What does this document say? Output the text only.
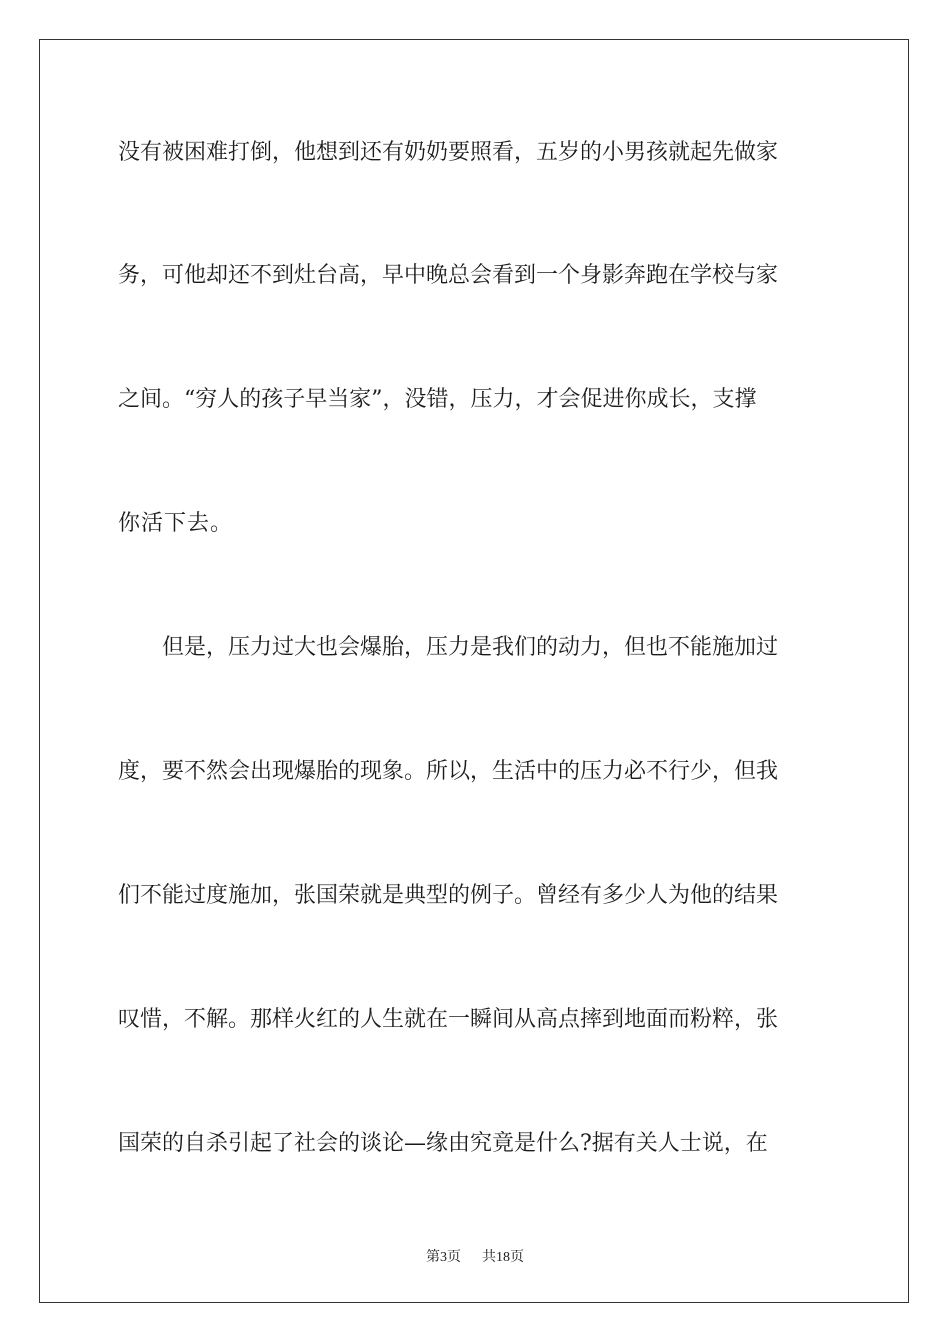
没有被困难打倒，他想到还有奶奶要照看，五岁的小男孩就起先做家
务，可他却还不到灶台高，早中晚总会看到一个身影奔跑在学校与家
之间。“穷人的孩子早当家”，没错，压力，才会促进你成长，支撑
你活下去。
　　但是，压力过大也会爆胎，压力是我们的动力，但也不能施加过
度，要不然会出现爆胎的现象。所以，生活中的压力必不行少，但我
们不能过度施加，张国荣就是典型的例子。曾经有多少人为他的结果
叹惜，不解。那样火红的人生就在一瞬间从高点摔到地面而粉粹，张
国荣的自杀引起了社会的谈论—缘由究竟是什么?据有关人士说，在
第3页 共18页
